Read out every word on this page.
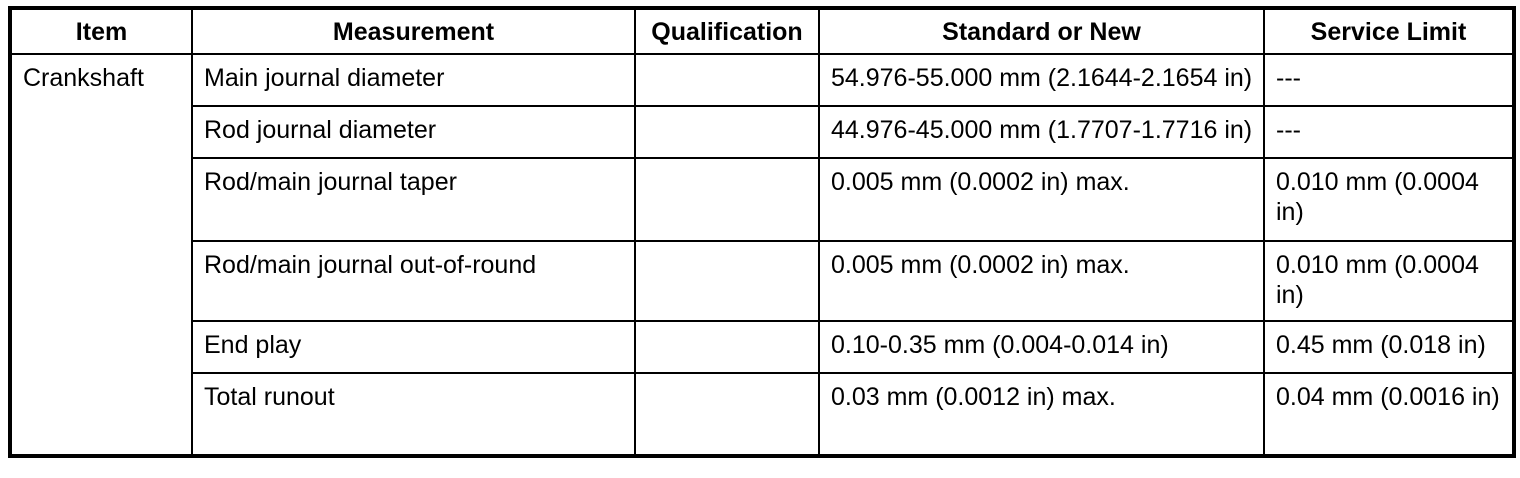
Item	Measurement	Qualification	Standard or New	Service Limit
Crankshaft	Main journal diameter		54.976-55.000 mm (2.1644-2.1654 in)	---
	Rod journal diameter		44.976-45.000 mm (1.7707-1.7716 in)	---
	Rod/main journal taper		0.005 mm (0.0002 in) max.	0.010 mm (0.0004 in)
	Rod/main journal out-of-round		0.005 mm (0.0002 in) max.	0.010 mm (0.0004 in)
	End play		0.10-0.35 mm (0.004-0.014 in)	0.45 mm (0.018 in)
	Total runout		0.03 mm (0.0012 in) max.	0.04 mm (0.0016 in)
